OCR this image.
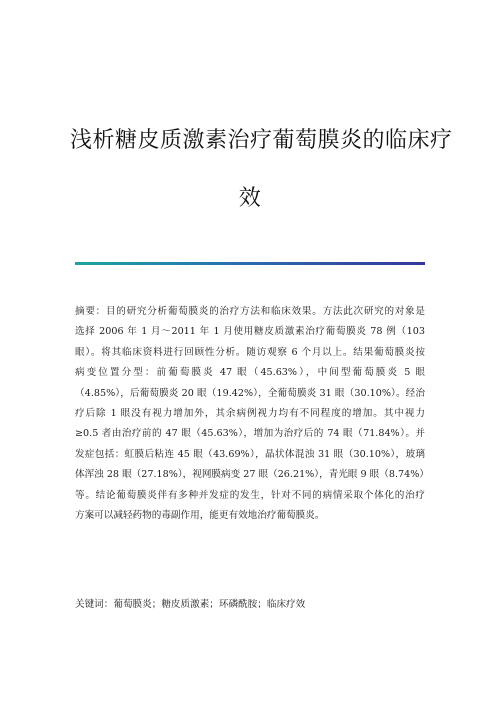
浅析糖皮质激素治疗葡萄膜炎的临床疗
效
摘要：目的研究分析葡萄膜炎的治疗方法和临床效果。方法此次研究的对象是
选择 2006 年 1 月～2011 年 1 月使用糖皮质激素治疗葡萄膜炎 78 例（103
眼）。将其临床资料进行回顾性分析。随访观察 6 个月以上。结果葡萄膜炎按
病变位置分型：前葡萄膜炎 47 眼（45.63%），中间型葡萄膜炎 5 眼
（4.85%），后葡萄膜炎 20 眼（19.42%），全葡萄膜炎 31 眼（30.10%）。经治
疗后除 1 眼没有视力增加外，其余病例视力均有不同程度的增加。其中视力
≥0.5 者由治疗前的 47 眼（45.63%），增加为治疗后的 74 眼（71.84%）。并
发症包括：虹膜后粘连 45 眼（43.69%），晶状体混浊 31 眼（30.10%），玻璃
体浑浊 28 眼（27.18%），视网膜病变 27 眼（26.21%），青光眼 9 眼（8.74%）
等。结论葡萄膜炎伴有多种并发症的发生，针对不同的病情采取个体化的治疗
方案可以减轻药物的毒副作用，能更有效地治疗葡萄膜炎。
关键词：葡萄膜炎；糖皮质激素；环磷酰胺；临床疗效
